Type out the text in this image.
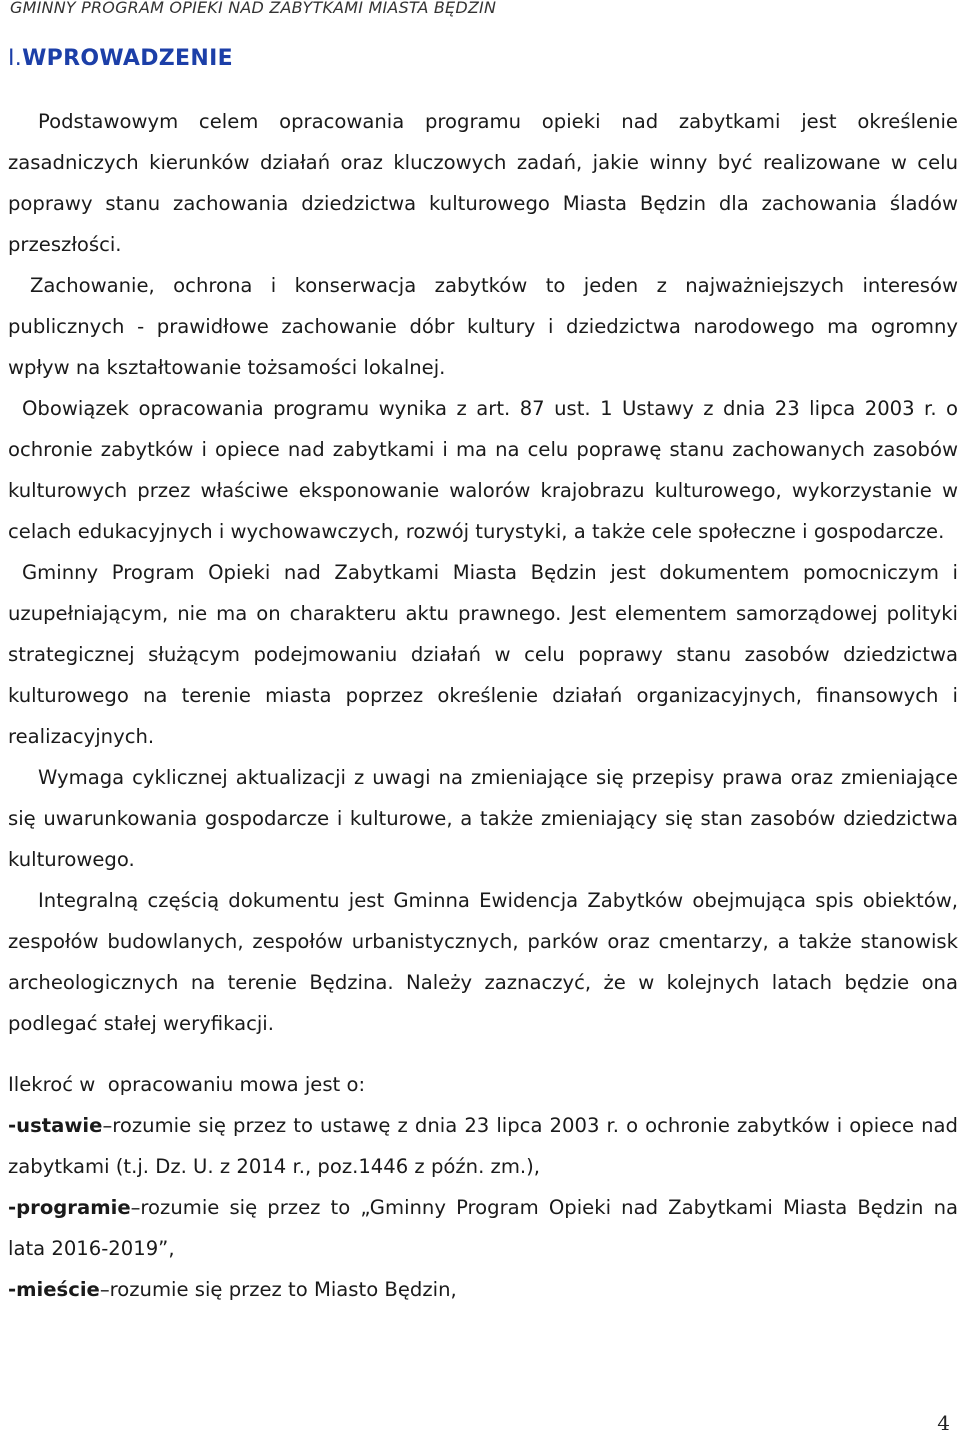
GMINNY PROGRAM OPIEKI NAD ZABYTKAMI MIASTA BĘDZIN
I.WPROWADZENIE

Podstawowym celem opracowania programu opieki nad zabytkami jest określenie zasadniczych kierunków działań oraz kluczowych zadań, jakie winny być realizowane w celu poprawy stanu zachowania dziedzictwa kulturowego Miasta Będzin dla zachowania śladów przeszłości.

Zachowanie, ochrona i konserwacja zabytków to jeden z najważniejszych interesów publicznych - prawidłowe zachowanie dóbr kultury i dziedzictwa narodowego ma ogromny wpływ na kształtowanie tożsamości lokalnej.

Obowiązek opracowania programu wynika z art. 87 ust. 1 Ustawy z dnia 23 lipca 2003 r. o ochronie zabytków i opiece nad zabytkami i ma na celu poprawę stanu zachowanych zasobów kulturowych przez właściwe eksponowanie walorów krajobrazu kulturowego, wykorzystanie w celach edukacyjnych i wychowawczych, rozwój turystyki, a także cele społeczne i gospodarcze.

Gminny Program Opieki nad Zabytkami Miasta Będzin jest dokumentem pomocniczym i uzupełniającym, nie ma on charakteru aktu prawnego. Jest elementem samorządowej polityki strategicznej służącym podejmowaniu działań w celu poprawy stanu zasobów dziedzictwa kulturowego na terenie miasta poprzez określenie działań organizacyjnych, finansowych i realizacyjnych.

Wymaga cyklicznej aktualizacji z uwagi na zmieniające się przepisy prawa oraz zmieniające się uwarunkowania gospodarcze i kulturowe, a także zmieniający się stan zasobów dziedzictwa kulturowego.

Integralną częścią dokumentu jest Gminna Ewidencja Zabytków obejmująca spis obiektów, zespołów budowlanych, zespołów urbanistycznych, parków oraz cmentarzy, a także stanowisk archeologicznych na terenie Będzina. Należy zaznaczyć, że w kolejnych latach będzie ona podlegać stałej weryfikacji.

Ilekroć w  opracowaniu mowa jest o:

-ustawie–rozumie się przez to ustawę z dnia 23 lipca 2003 r. o ochronie zabytków i opiece nad zabytkami (t.j. Dz. U. z 2014 r., poz.1446 z późn. zm.),

-programie–rozumie się przez to „Gminny Program Opieki nad Zabytkami Miasta Będzin na lata 2016-2019”,

-mieście–rozumie się przez to Miasto Będzin,

4
